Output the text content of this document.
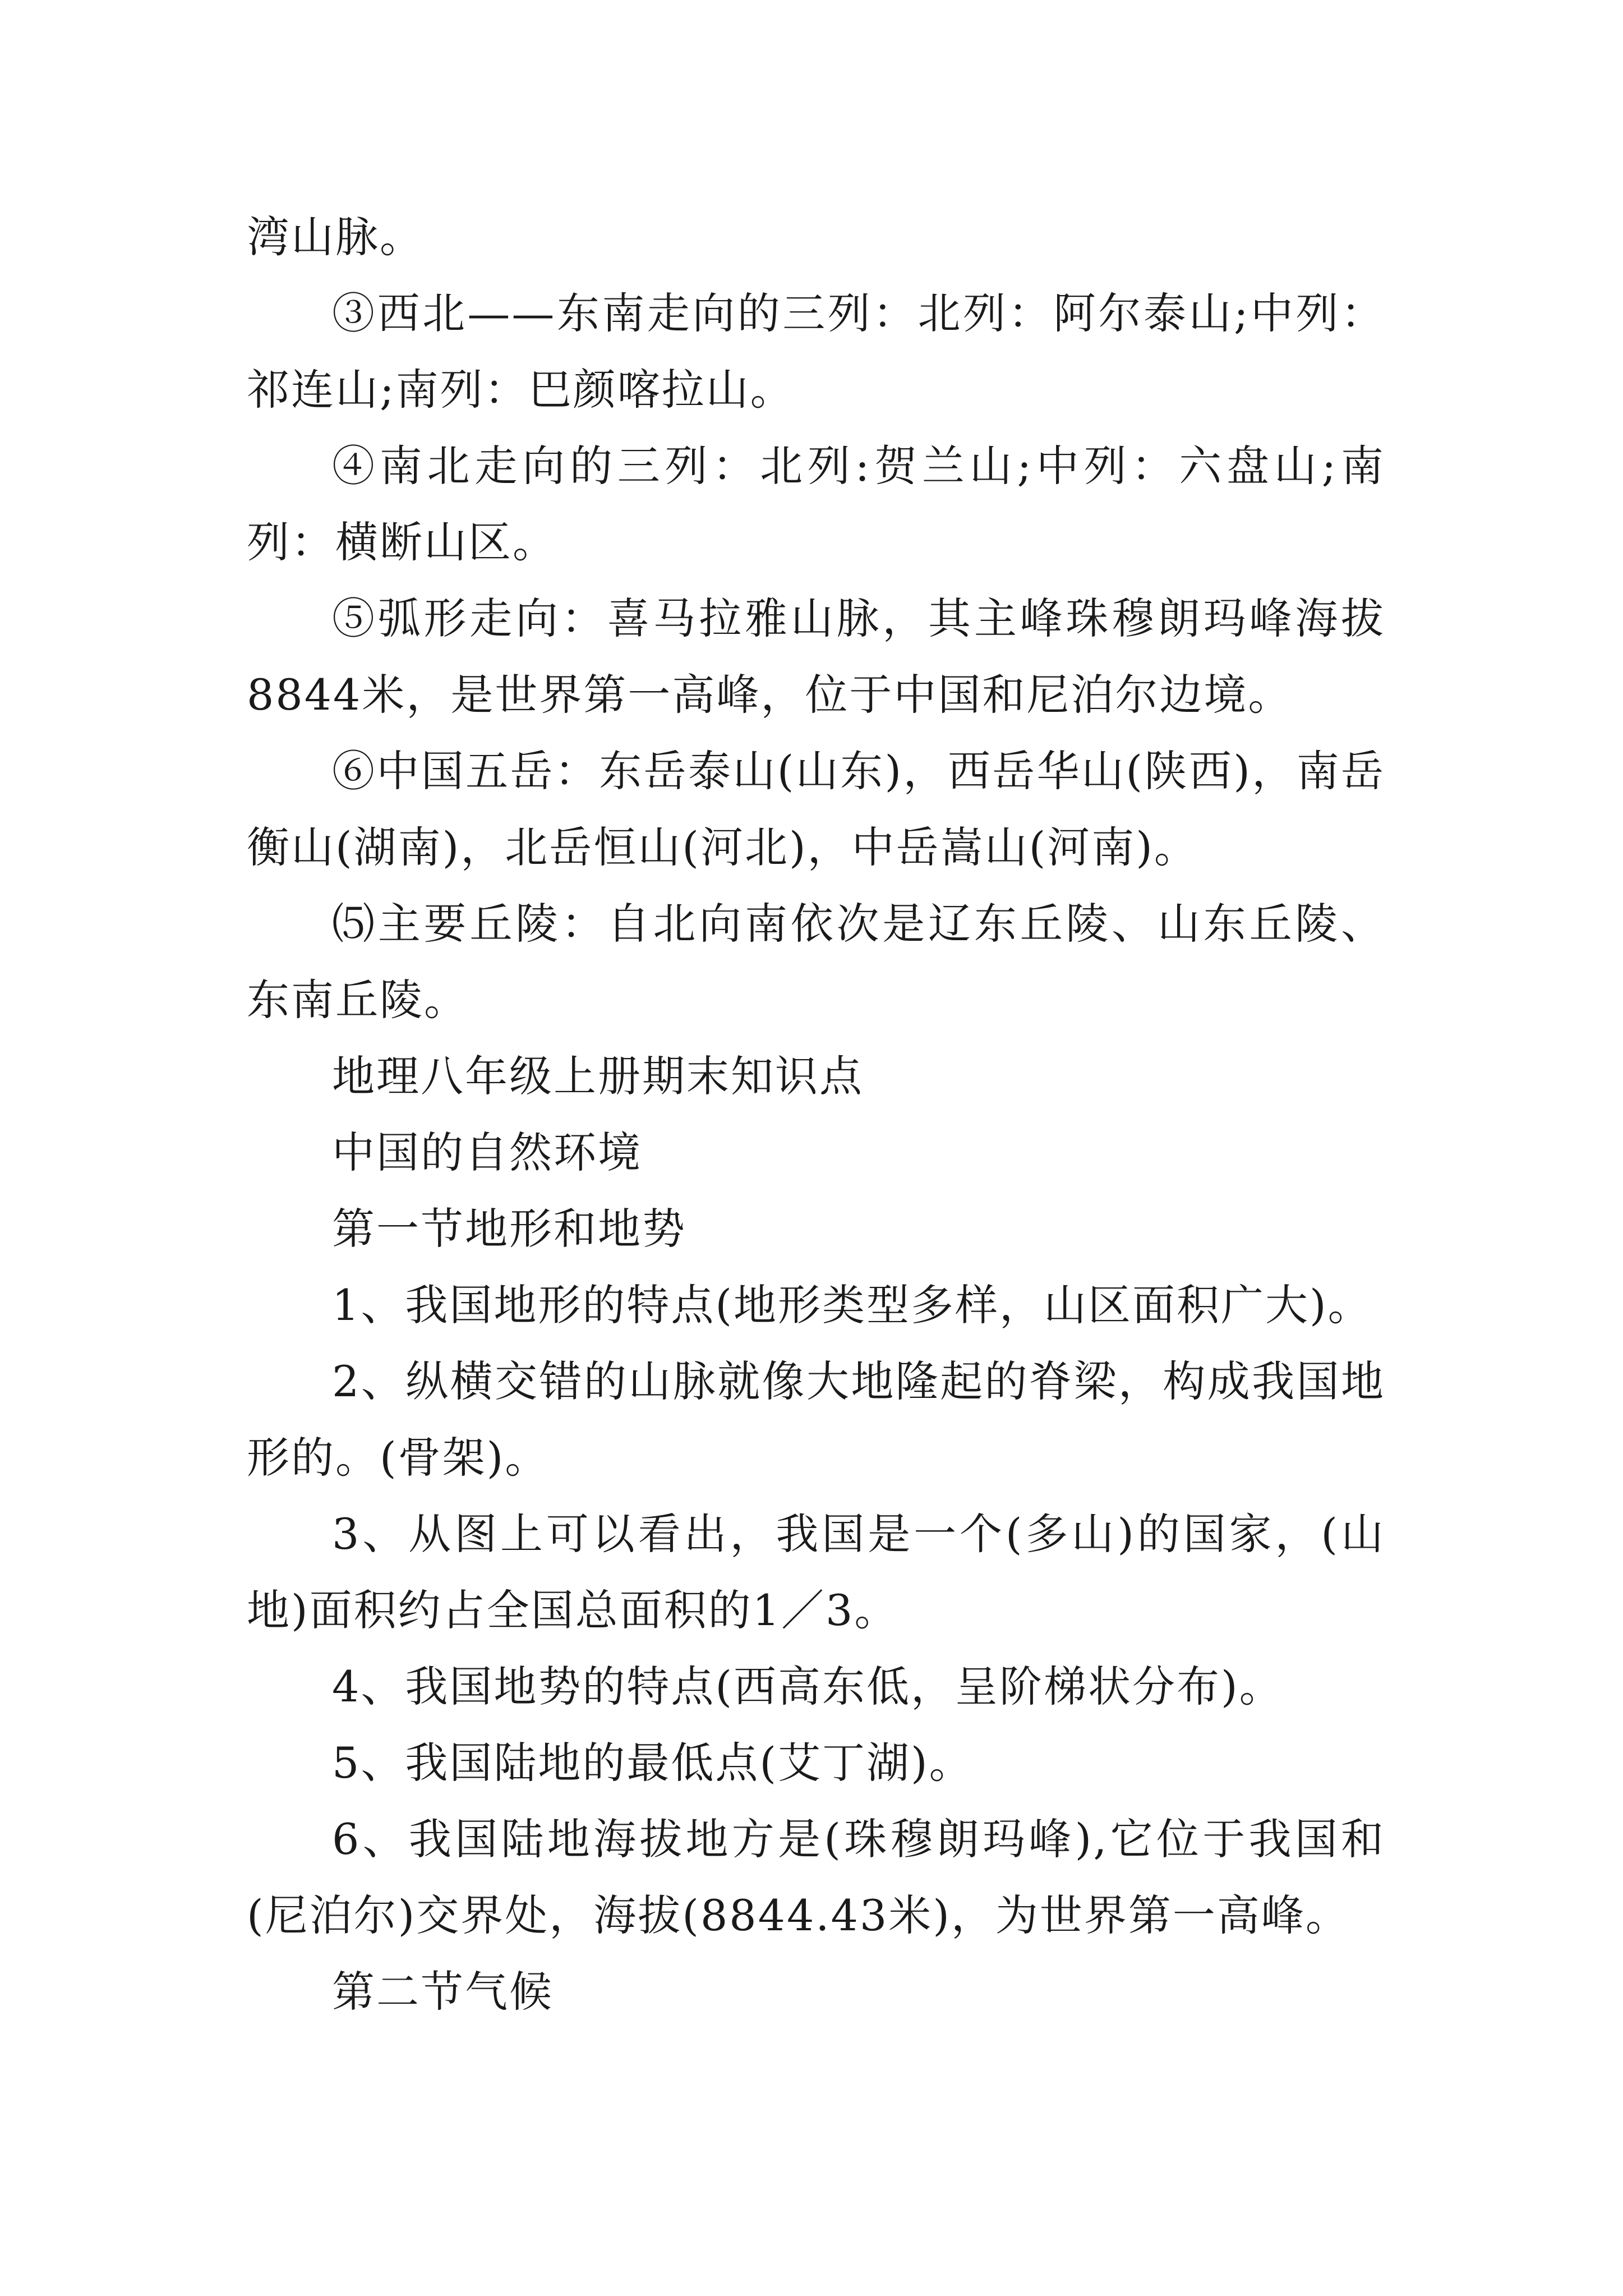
湾山脉。

③西北——东南走向的三列：北列：阿尔泰山;中列：祁连山;南列：巴颜喀拉山。

④南北走向的三列：北列:贺兰山;中列：六盘山;南列：横断山区。

⑤弧形走向：喜马拉雅山脉，其主峰珠穆朗玛峰海拔8844米，是世界第一高峰，位于中国和尼泊尔边境。

⑥中国五岳：东岳泰山(山东)，西岳华山(陕西)，南岳衡山(湖南)，北岳恒山(河北)，中岳嵩山(河南)。

⑸主要丘陵：自北向南依次是辽东丘陵、山东丘陵、东南丘陵。

地理八年级上册期末知识点

中国的自然环境

第一节地形和地势

1、我国地形的特点(地形类型多样，山区面积广大)。

2、纵横交错的山脉就像大地隆起的脊梁，构成我国地形的。(骨架)。

3、从图上可以看出，我国是一个(多山)的国家，(山地)面积约占全国总面积的1／3。

4、我国地势的特点(西高东低，呈阶梯状分布)。

5、我国陆地的最低点(艾丁湖)。

6、我国陆地海拔地方是(珠穆朗玛峰),它位于我国和(尼泊尔)交界处，海拔(8844.43米)，为世界第一高峰。

第二节气候
